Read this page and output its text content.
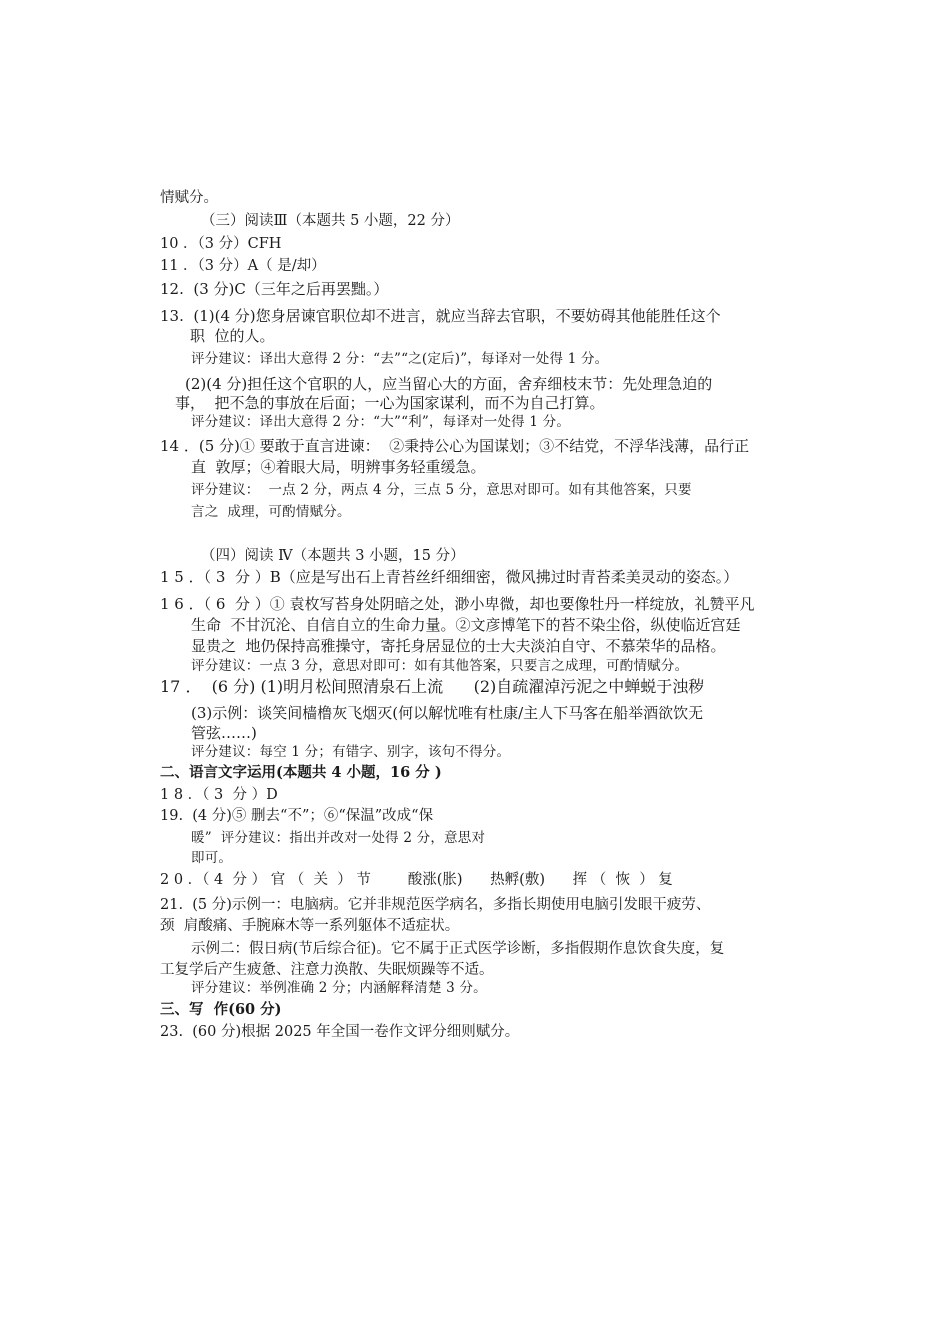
情赋分。
（三）阅读Ⅲ（本题共 5 小题，22 分）
10 ．（3 分）CFH
11 ．（3 分）A（ 是/却）
12.  (3 分)C（三年之后再罢黜。）
13.  (1)(4 分)您身居谏官职位却不进言，就应当辞去官职，不要妨碍其他能胜任这个
职  位的人。
评分建议：译出大意得 2 分：“去”“之(定后)”，每译对一处得 1 分。
(2)(4 分)担任这个官职的人，应当留心大的方面，舍弃细枝末节：先处理急迫的
事，  把不急的事放在后面；一心为国家谋利，而不为自己打算。
评分建议：译出大意得 2 分：“大”“利”，每译对一处得 1 分。
14 ．(5 分)① 要敢于直言进谏：  ②秉持公心为国谋划；③不结党，不浮华浅薄，品行正
直  敦厚；④着眼大局，明辨事务轻重缓急。
评分建议：  一点 2 分，两点 4 分，三点 5 分，意思对即可。如有其他答案，只要
言之  成理，可酌情赋分。
（四）阅读 Ⅳ（本题共 3 小题，15 分）
1 5 ．（ 3  分 ）B（应是写出石上青苔丝纤细细密，微风拂过时青苔柔美灵动的姿态。）
1 6 ．（ 6  分 ）① 袁枚写苔身处阴暗之处，渺小卑微，却也要像牡丹一样绽放，礼赞平凡
生命  不甘沉沦、自信自立的生命力量。②文彦博笔下的苔不染尘俗，纵使临近宫廷
显贵之  地仍保持高雅操守，寄托身居显位的士大夫淡泊自守、不慕荣华的品格。
评分建议：一点 3 分，意思对即可：如有其他答案，只要言之成理，可酌情赋分。
17 ．  (6 分) (1)明月松间照清泉石上流      (2)自疏濯淖污泥之中蝉蜕于浊秽
(3)示例：谈笑间樯橹灰飞烟灭(何以解忧唯有杜康/主人下马客在船举酒欲饮无
管弦……)
评分建议：每空 1 分；有错字、别字，该句不得分。
二、语言文字运用(本题共 4 小题，16 分 )
1 8 ．（ 3  分 ）D
19.  (4 分)⑤ 删去“不”；⑥“保温”改成“保
暖”  评分建议：指出并改对一处得 2 分，意思对
即可。
2 0 ．（ 4  分 ） 官 （  关  ） 节        酸涨(胀)      热孵(敷)      挥 （  恢  ） 复
21.  (5 分)示例一：电脑病。它并非规范医学病名，多指长期使用电脑引发眼干疲劳、
颈  肩酸痛、手腕麻木等一系列躯体不适症状。
示例二：假日病(节后综合征)。它不属于正式医学诊断，多指假期作息饮食失度，复
工复学后产生疲惫、注意力涣散、失眠烦躁等不适。
评分建议：举例准确 2 分；内涵解释清楚 3 分。
三、写  作(60 分)
23.  (60 分)根据 2025 年全国一卷作文评分细则赋分。
